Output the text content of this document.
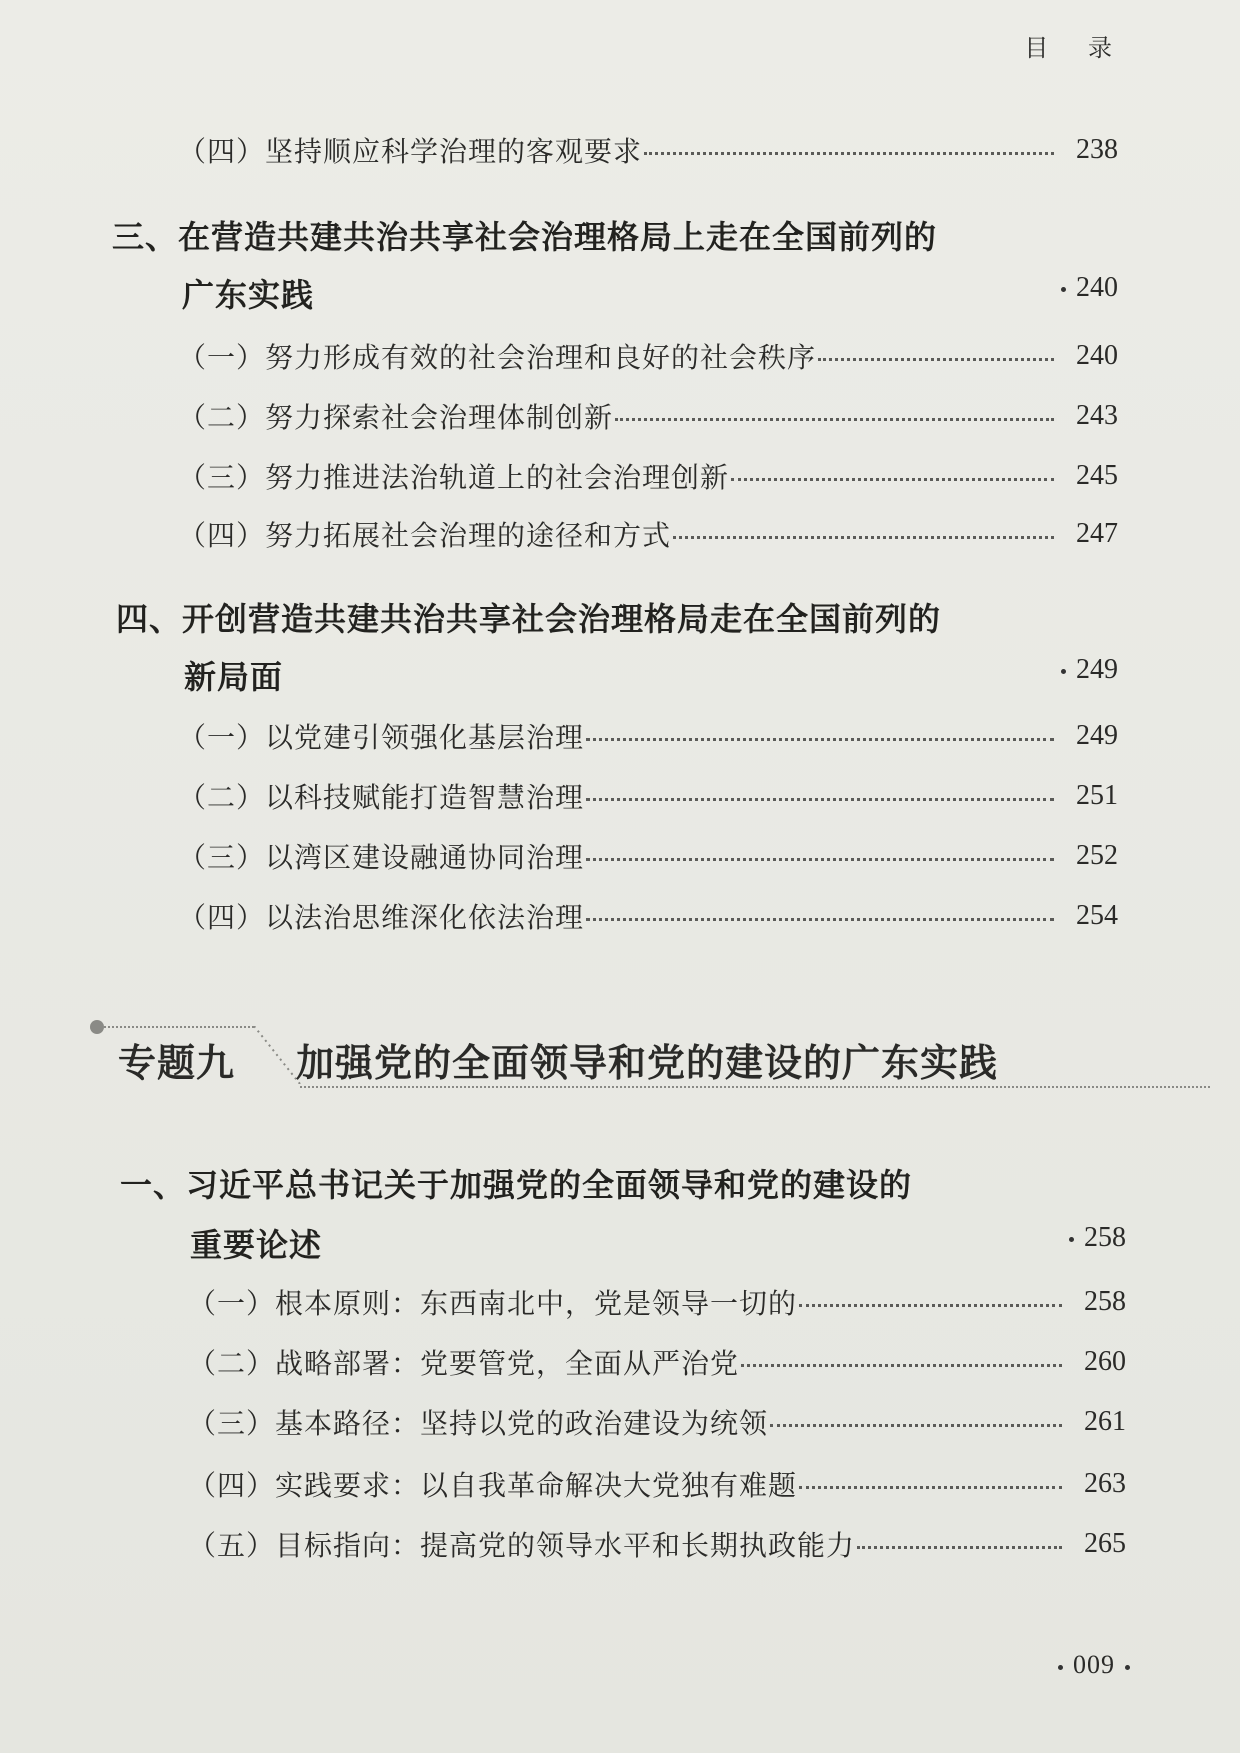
目 录
（四）坚持顺应科学治理的客观要求	238
三、在营造共建共治共享社会治理格局上走在全国前列的
广东实践	240
（一）努力形成有效的社会治理和良好的社会秩序	240
（二）努力探索社会治理体制创新	243
（三）努力推进法治轨道上的社会治理创新	245
（四）努力拓展社会治理的途径和方式	247
四、开创营造共建共治共享社会治理格局走在全国前列的
新局面	249
（一）以党建引领强化基层治理	249
（二）以科技赋能打造智慧治理	251
（三）以湾区建设融通协同治理	252
（四）以法治思维深化依法治理	254
专题九 加强党的全面领导和党的建设的广东实践
一、习近平总书记关于加强党的全面领导和党的建设的
重要论述	258
（一）根本原则：东西南北中，党是领导一切的	258
（二）战略部署：党要管党，全面从严治党	260
（三）基本路径：坚持以党的政治建设为统领	261
（四）实践要求：以自我革命解决大党独有难题	263
（五）目标指向：提高党的领导水平和长期执政能力	265
009
